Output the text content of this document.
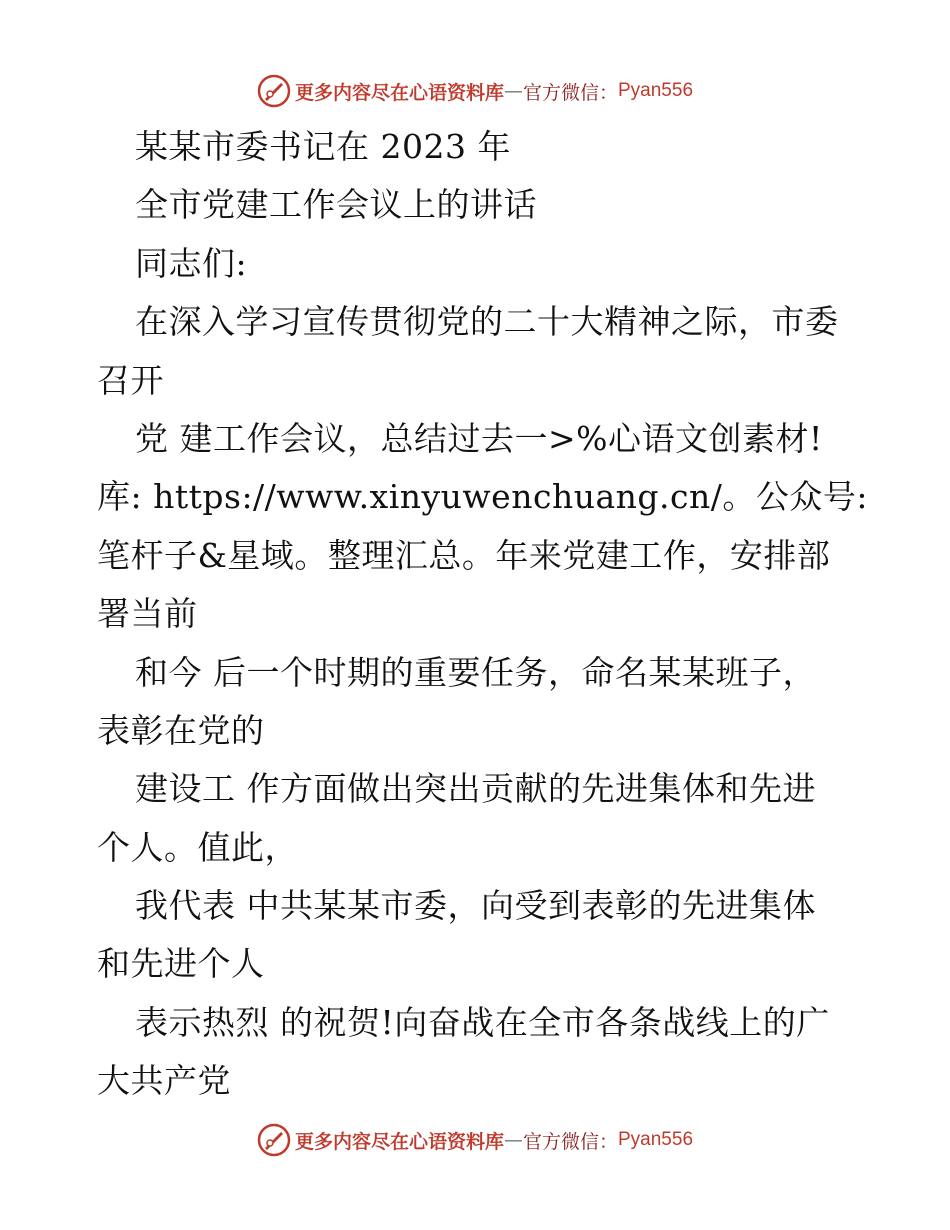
更多内容尽在心语资料库 — 官方微信： Pyan556
某某市委书记在 2023 年
全市党建工作会议上的讲话
同志们:
在深入学习宣传贯彻党的二十大精神之际，市委
召开
党 建工作会议，总结过去一>%心语文创素材!
库: https://www.xinyuwenchuang.cn/。公众号:
笔杆子&星域。整理汇总。年来党建工作，安排部
署当前
和今 后一个时期的重要任务，命名某某班子，
表彰在党的
建设工 作方面做出突出贡献的先进集体和先进
个人。值此，
我代表 中共某某市委，向受到表彰的先进集体
和先进个人
表示热烈 的祝贺!向奋战在全市各条战线上的广
大共产党
更多内容尽在心语资料库 — 官方微信： Pyan556
